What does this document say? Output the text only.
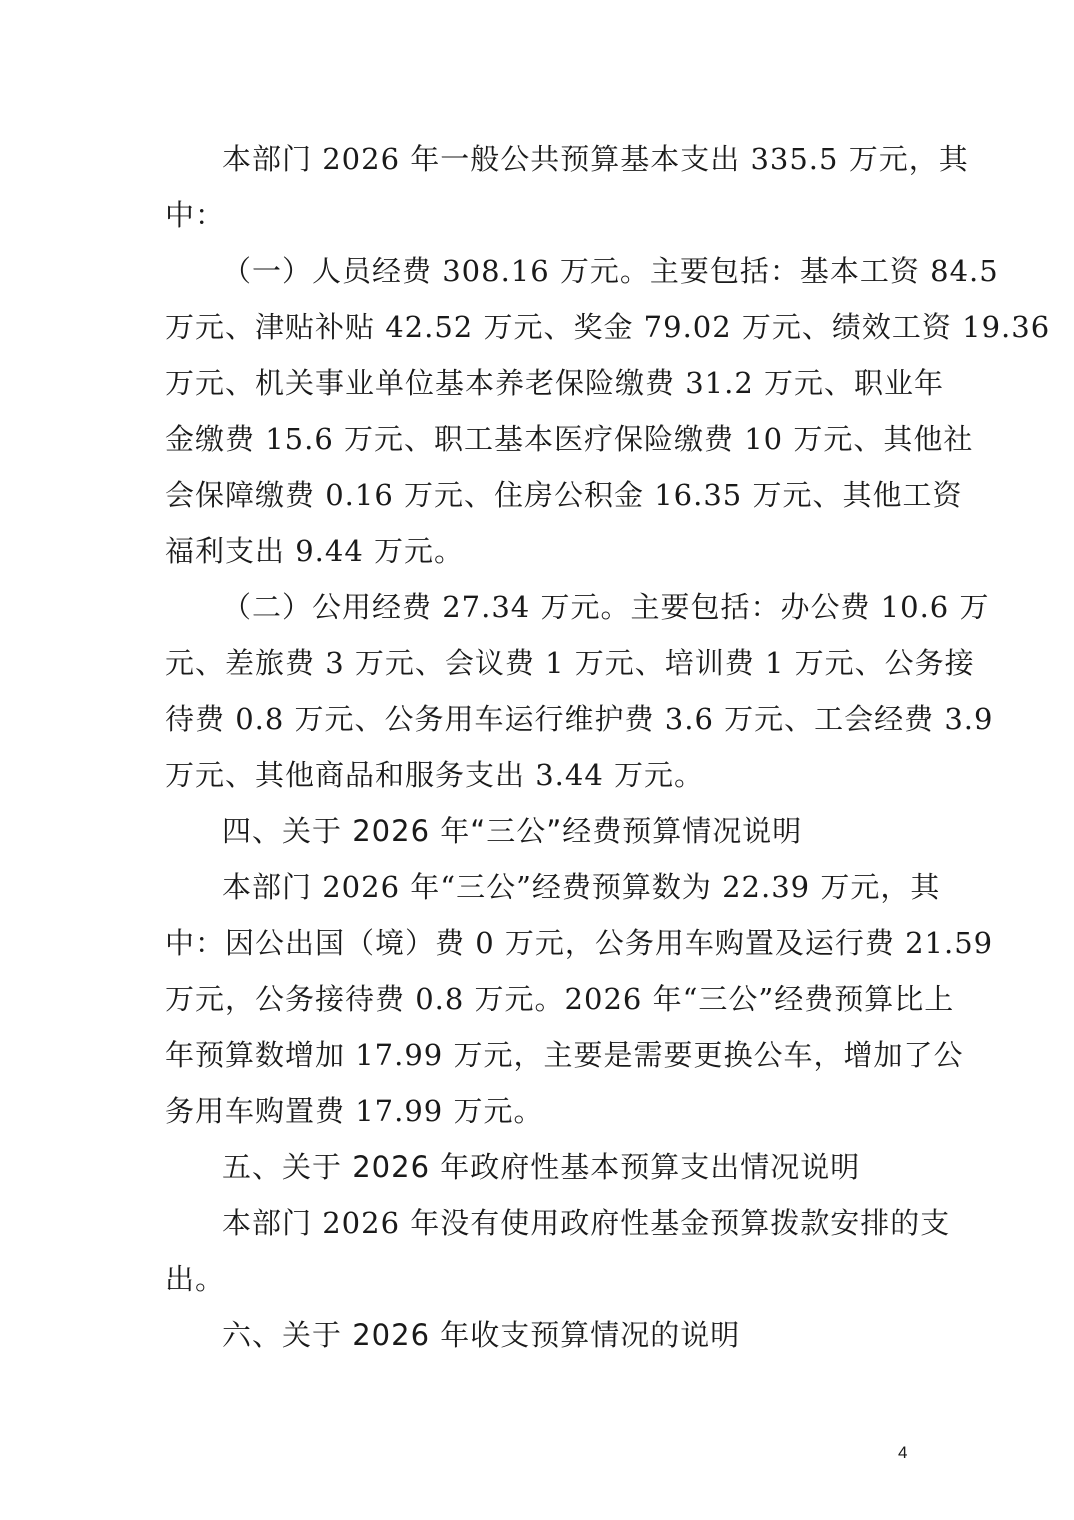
本部门 2026 年一般公共预算基本支出 335.5 万元，其
中：
（一）人员经费 308.16 万元。主要包括：基本工资 84.5
万元、津贴补贴 42.52 万元、奖金 79.02 万元、绩效工资 19.36
万元、机关事业单位基本养老保险缴费 31.2 万元、职业年
金缴费 15.6 万元、职工基本医疗保险缴费 10 万元、其他社
会保障缴费 0.16 万元、住房公积金 16.35 万元、其他工资
福利支出 9.44 万元。
（二）公用经费 27.34 万元。主要包括：办公费 10.6 万
元、差旅费 3 万元、会议费 1 万元、培训费 1 万元、公务接
待费 0.8 万元、公务用车运行维护费 3.6 万元、工会经费 3.9
万元、其他商品和服务支出 3.44 万元。
四、关于 2026 年“三公”经费预算情况说明
本部门 2026 年“三公”经费预算数为 22.39 万元，其
中：因公出国（境）费 0 万元，公务用车购置及运行费 21.59
万元，公务接待费 0.8 万元。2026 年“三公”经费预算比上
年预算数增加 17.99 万元，主要是需要更换公车，增加了公
务用车购置费 17.99 万元。
五、关于 2026 年政府性基本预算支出情况说明
本部门 2026 年没有使用政府性基金预算拨款安排的支
出。
六、关于 2026 年收支预算情况的说明
4
